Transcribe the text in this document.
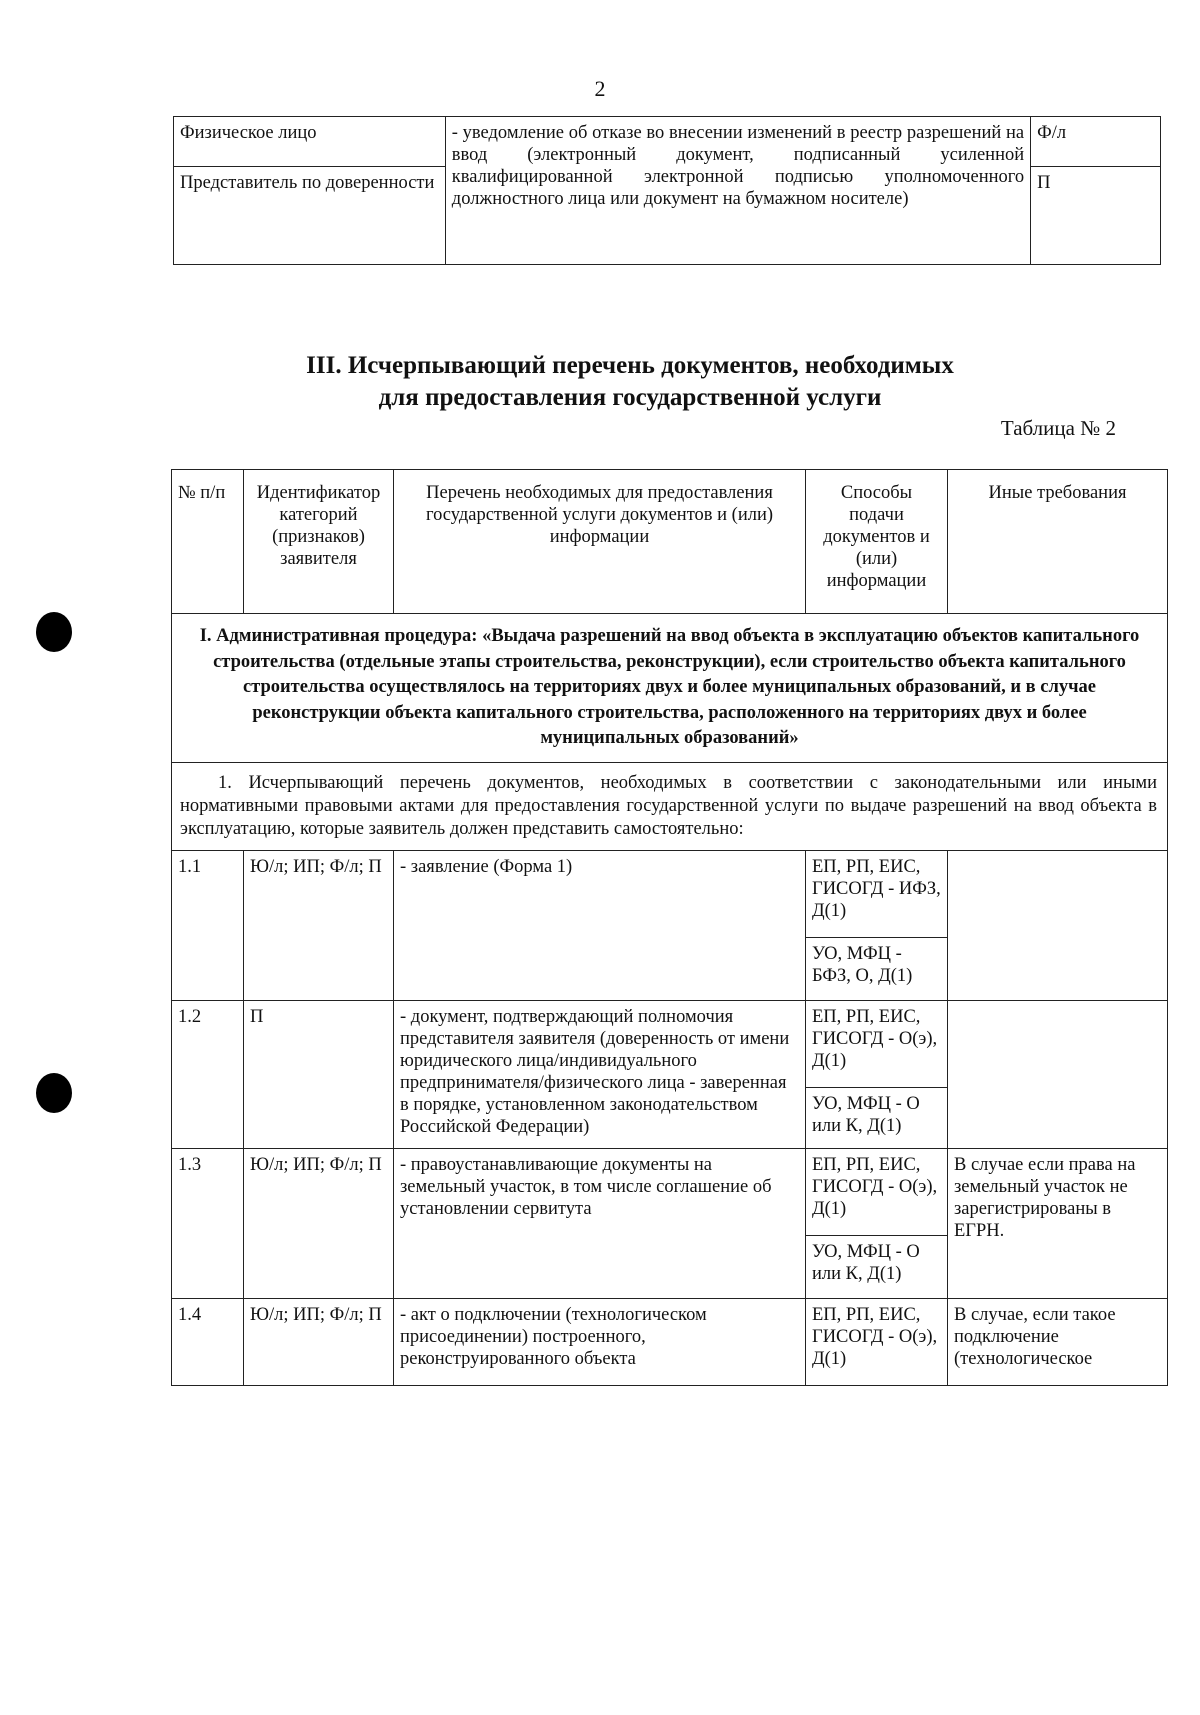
2
Физическое лицо	- уведомление об отказе во внесении изменений в реестр разрешений на ввод (электронный документ, подписанный усиленной квалифицированной электронной подписью уполномоченного должностного лица или документ на бумажном носителе)	Ф/л
Представитель по доверенности		П
III. Исчерпывающий перечень документов, необходимых
для предоставления государственной услуги
Таблица № 2
№ п/п	Идентификатор категорий (признаков) заявителя	Перечень необходимых для предоставления государственной услуги документов и (или) информации	Способы подачи документов и (или) информации	Иные требования
I. Административная процедура: «Выдача разрешений на ввод объекта в эксплуатацию объектов капитального строительства (отдельные этапы строительства, реконструкции), если строительство объекта капитального строительства осуществлялось на территориях двух и более муниципальных образований, и в случае реконструкции объекта капитального строительства, расположенного на территориях двух и более муниципальных образований»				
1. Исчерпывающий перечень документов, необходимых в соответствии с законодательными или иными нормативными правовыми актами для предоставления государственной услуги по выдаче разрешений на ввод объекта в эксплуатацию, которые заявитель должен представить самостоятельно:				
1.1	Ю/л; ИП; Ф/л; П	- заявление (Форма 1)	ЕП, РП, ЕИС, ГИСОГД - ИФЗ, Д(1)
УО, МФЦ - БФЗ, О, Д(1)	

1.2	П	- документ, подтверждающий полномочия представителя заявителя (доверенность от имени юридического лица/индивидуального предпринимателя/физического лица - заверенная в порядке, установленном законодательством Российской Федерации)	ЕП, РП, ЕИС, ГИСОГД - О(э), Д(1)
УО, МФЦ - О или К, Д(1)	

1.3	Ю/л; ИП; Ф/л; П	- правоустанавливающие документы на земельный участок, в том числе соглашение об установлении сервитута	ЕП, РП, ЕИС, ГИСОГД - О(э), Д(1)
УО, МФЦ - О или К, Д(1)	В случае если права на земельный участок не зарегистрированы в ЕГРН.
1.4	Ю/л; ИП; Ф/л; П	- акт о подключении (технологическом присоединении) построенного, реконструированного объекта	ЕП, РП, ЕИС, ГИСОГД - О(э), Д(1)	В случае, если такое подключение (технологическое
